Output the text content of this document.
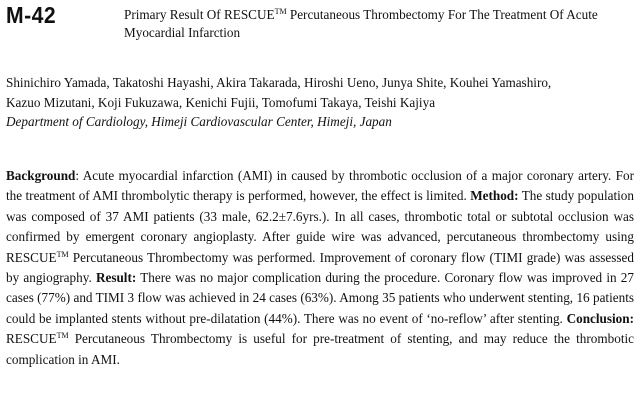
M-42	Primary Result Of RESCUE™ Percutaneous Thrombectomy For The Treatment Of Acute Myocardial Infarction
Shinichiro Yamada, Takatoshi Hayashi, Akira Takarada, Hiroshi Ueno, Junya Shite, Kouhei Yamashiro,
Kazuo Mizutani, Koji Fukuzawa, Kenichi Fujii, Tomofumi Takaya, Teishi Kajiya
Department of Cardiology, Himeji Cardiovascular Center, Himeji, Japan
Background: Acute myocardial infarction (AMI) in caused by thrombotic occlusion of a major coronary artery. For the treatment of AMI thrombolytic therapy is performed, however, the effect is limited. Method: The study population was composed of 37 AMI patients (33 male, 62.2±7.6yrs.). In all cases, thrombotic total or subtotal occlusion was confirmed by emergent coronary angioplasty. After guide wire was advanced, percutaneous thrombectomy using RESCUE™ Percutaneous Thrombectomy was performed. Improvement of coronary flow (TIMI grade) was assessed by angiography. Result: There was no major complication during the procedure. Coronary flow was improved in 27 cases (77%) and TIMI 3 flow was achieved in 24 cases (63%). Among 35 patients who underwent stenting, 16 patients could be implanted stents without pre-dilatation (44%). There was no event of ‘no-reflow’ after stenting. Conclusion: RESCUE™ Percutaneous Thrombectomy is useful for pre-treatment of stenting, and may reduce the thrombotic complication in AMI.
